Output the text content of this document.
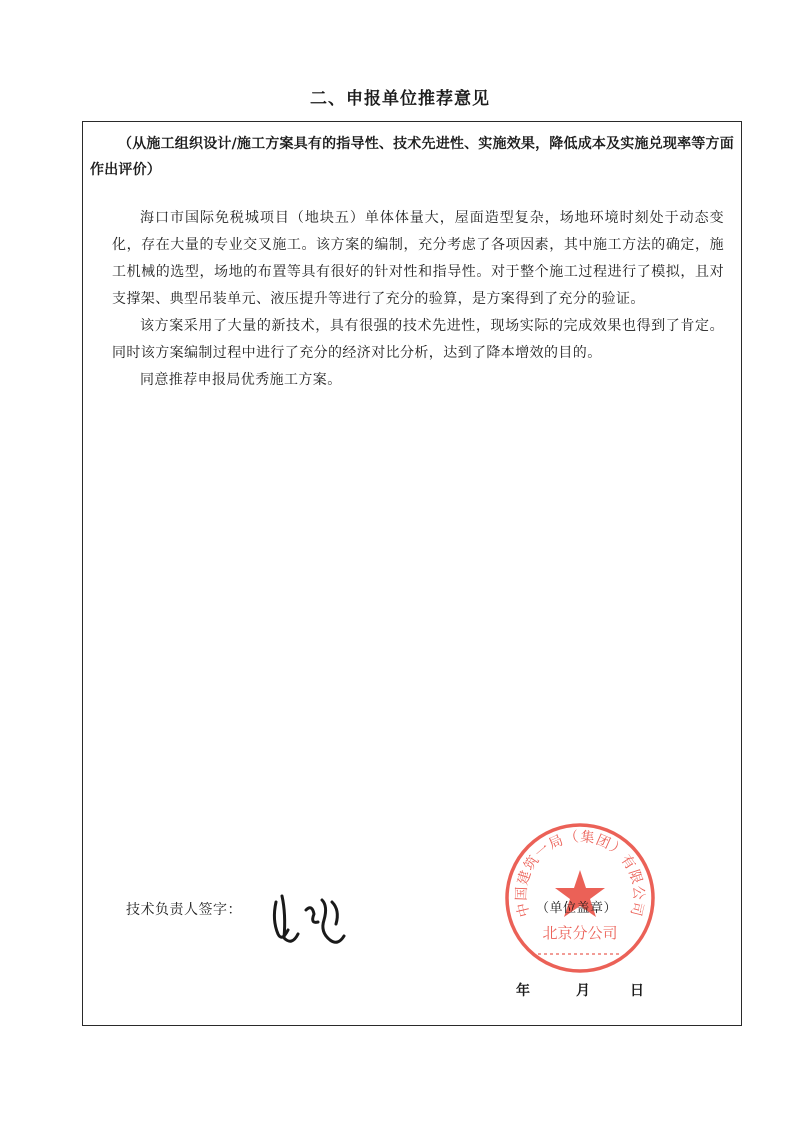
二、申报单位推荐意见
（从施工组织设计/施工方案具有的指导性、技术先进性、实施效果，降低成本及实施兑现率等方面作出评价）

海口市国际免税城项目（地块五）单体体量大，屋面造型复杂，场地环境时刻处于动态变化，存在大量的专业交叉施工。该方案的编制，充分考虑了各项因素，其中施工方法的确定，施工机械的选型，场地的布置等具有很好的针对性和指导性。对于整个施工过程进行了模拟，且对支撑架、典型吊装单元、液压提升等进行了充分的验算，是方案得到了充分的验证。

该方案采用了大量的新技术，具有很强的技术先进性，现场实际的完成效果也得到了肯定。同时该方案编制过程中进行了充分的经济对比分析，达到了降本增效的目的。

同意推荐申报局优秀施工方案。

技术负责人签字：	中国建筑一局（集团）有限公司
北京分公司
（单位盖章）
年	月	日
